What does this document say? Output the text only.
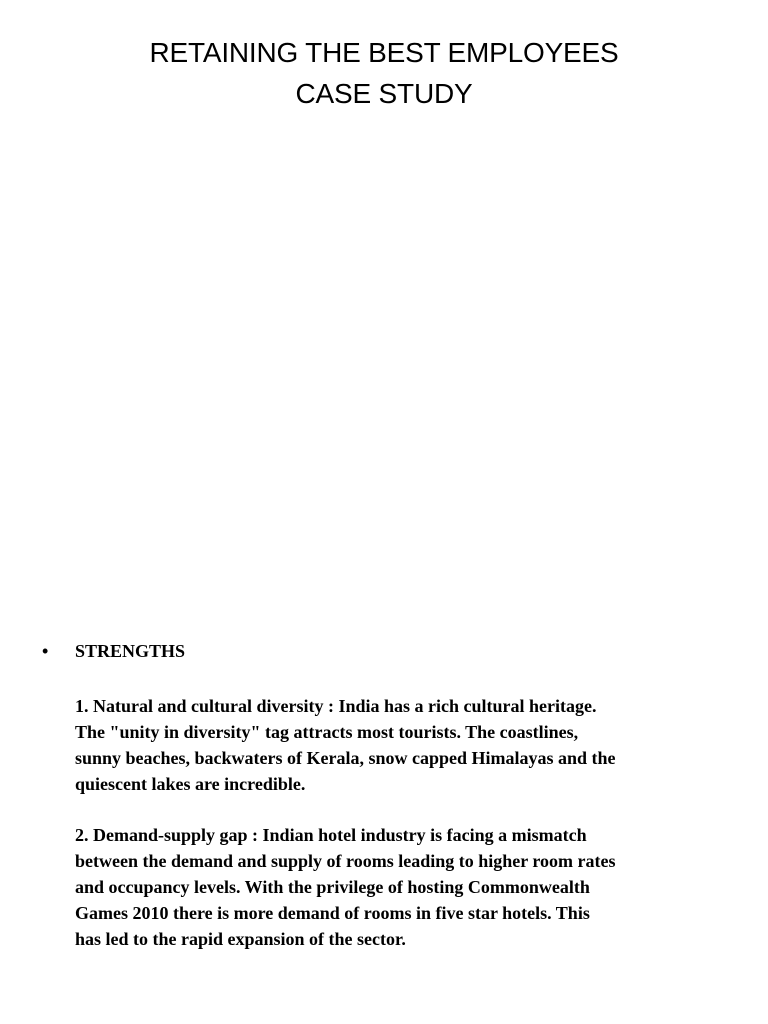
RETAINING THE BEST EMPLOYEES
CASE STUDY
• STRENGTHS

1. Natural and cultural diversity : India has a rich cultural heritage.
The "unity in diversity" tag attracts most tourists. The coastlines,
sunny beaches, backwaters of Kerala, snow capped Himalayas and the
quiescent lakes are incredible.

2. Demand-supply gap : Indian hotel industry is facing a mismatch
between the demand and supply of rooms leading to higher room rates
and occupancy levels. With the privilege of hosting Commonwealth
Games 2010 there is more demand of rooms in five star hotels. This
has led to the rapid expansion of the sector.
